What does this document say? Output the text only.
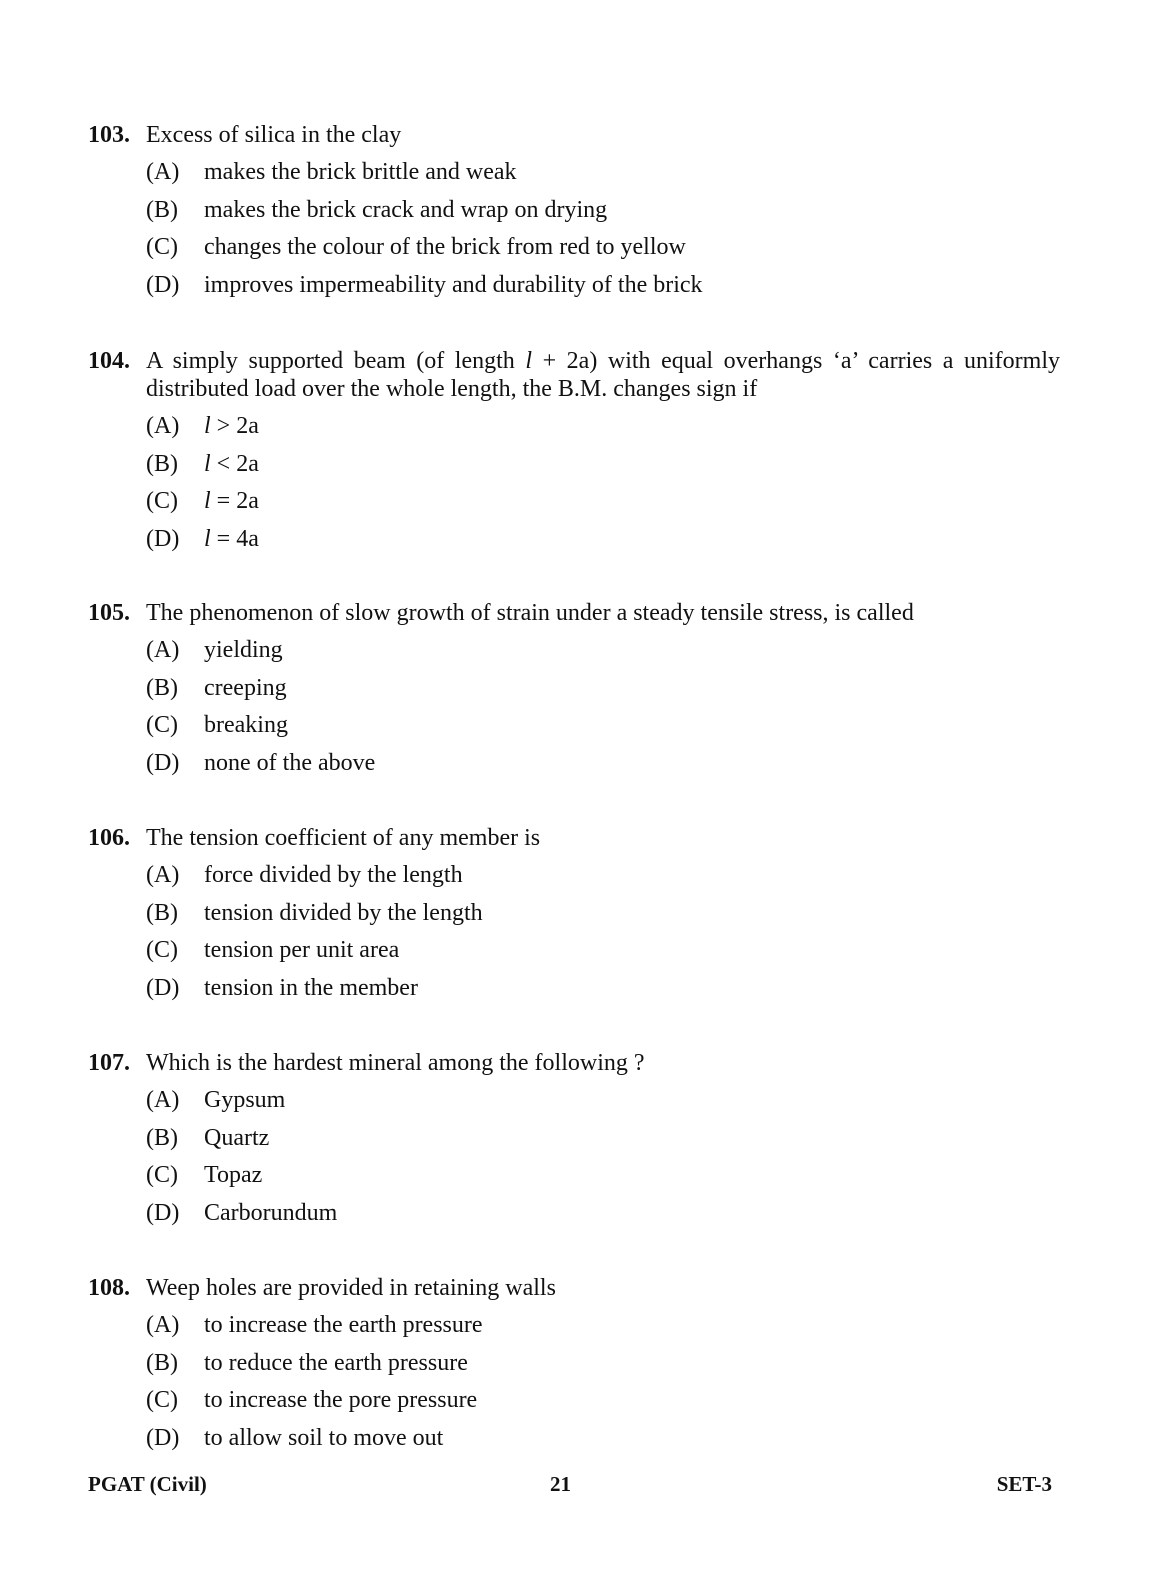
103. Excess of silica in the clay
(A) makes the brick brittle and weak
(B) makes the brick crack and wrap on drying
(C) changes the colour of the brick from red to yellow
(D) improves impermeability and durability of the brick
104. A simply supported beam (of length l + 2a) with equal overhangs ‘a’ carries a uniformly distributed load over the whole length, the B.M. changes sign if
(A) l > 2a
(B) l < 2a
(C) l = 2a
(D) l = 4a
105. The phenomenon of slow growth of strain under a steady tensile stress, is called
(A) yielding
(B) creeping
(C) breaking
(D) none of the above
106. The tension coefficient of any member is
(A) force divided by the length
(B) tension divided by the length
(C) tension per unit area
(D) tension in the member
107. Which is the hardest mineral among the following ?
(A) Gypsum
(B) Quartz
(C) Topaz
(D) Carborundum
108. Weep holes are provided in retaining walls
(A) to increase the earth pressure
(B) to reduce the earth pressure
(C) to increase the pore pressure
(D) to allow soil to move out
PGAT (Civil)	21	SET-3
